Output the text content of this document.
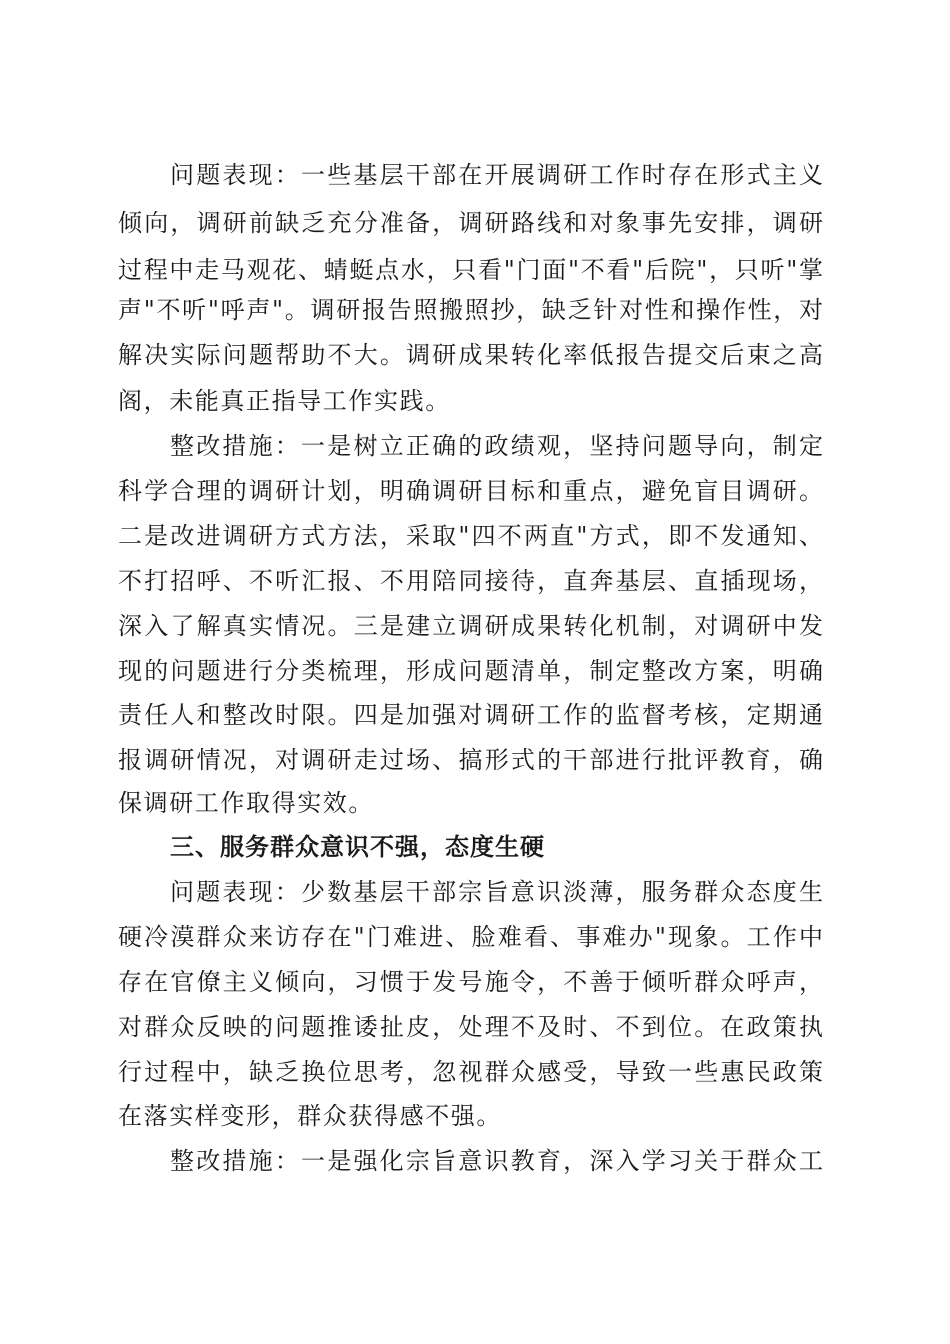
问题表现：一些基层干部在开展调研工作时存在形式主义
倾向，调研前缺乏充分准备，调研路线和对象事先安排，调研
过程中走马观花、蜻蜓点水，只看"门面"不看"后院"，只听"掌
声"不听"呼声"。调研报告照搬照抄，缺乏针对性和操作性，对
解决实际问题帮助不大。调研成果转化率低报告提交后束之高
阁，未能真正指导工作实践。
整改措施：一是树立正确的政绩观，坚持问题导向，制定
科学合理的调研计划，明确调研目标和重点，避免盲目调研。
二是改进调研方式方法，采取"四不两直"方式，即不发通知、
不打招呼、不听汇报、不用陪同接待，直奔基层、直插现场，
深入了解真实情况。三是建立调研成果转化机制，对调研中发
现的问题进行分类梳理，形成问题清单，制定整改方案，明确
责任人和整改时限。四是加强对调研工作的监督考核，定期通
报调研情况，对调研走过场、搞形式的干部进行批评教育，确
保调研工作取得实效。
三、服务群众意识不强，态度生硬
问题表现：少数基层干部宗旨意识淡薄，服务群众态度生
硬冷漠群众来访存在"门难进、脸难看、事难办"现象。工作中
存在官僚主义倾向，习惯于发号施令，不善于倾听群众呼声，
对群众反映的问题推诿扯皮，处理不及时、不到位。在政策执
行过程中，缺乏换位思考，忽视群众感受，导致一些惠民政策
在落实样变形，群众获得感不强。
整改措施：一是强化宗旨意识教育，深入学习关于群众工
